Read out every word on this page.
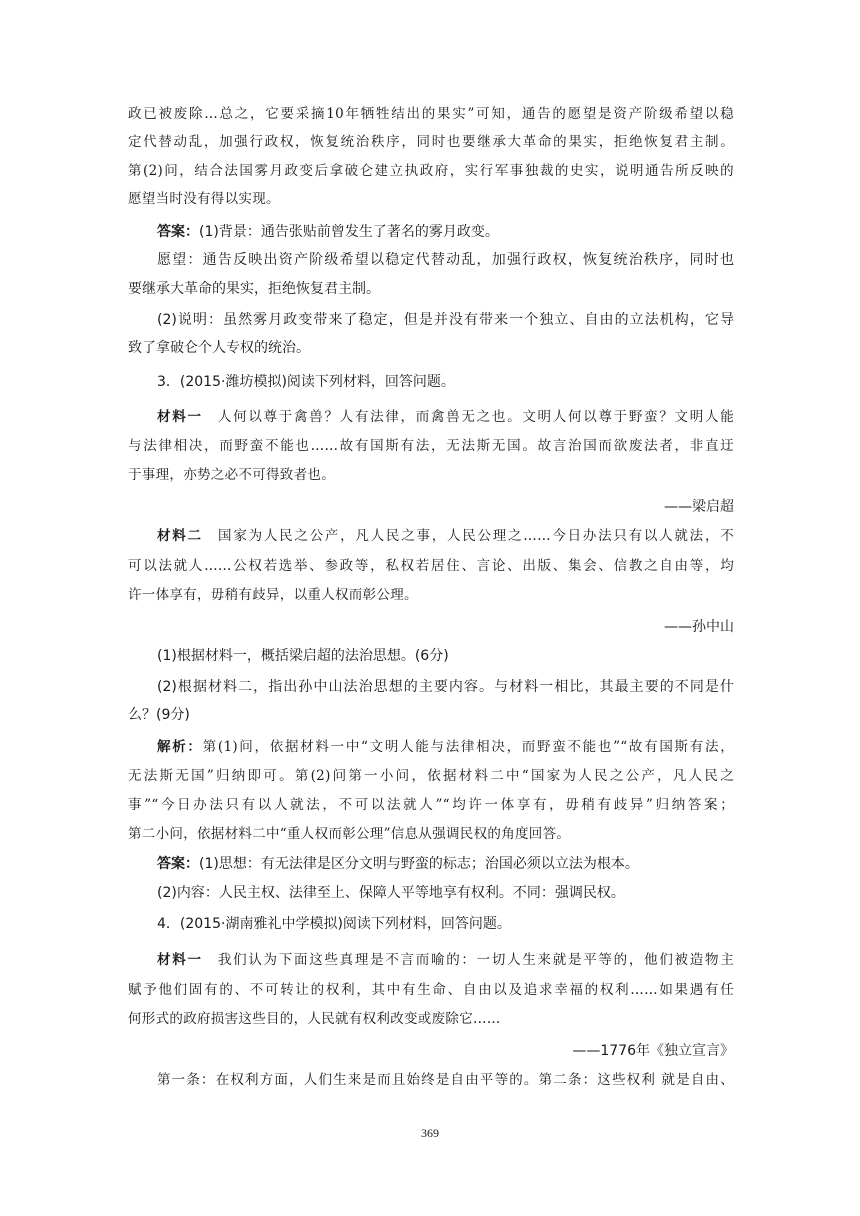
政已被废除…总之，它要采摘10年牺牲结出的果实”可知，通告的愿望是资产阶级希望以稳
定代替动乱，加强行政权，恢复统治秩序，同时也要继承大革命的果实，拒绝恢复君主制。
第(2)问，结合法国雾月政变后拿破仑建立执政府，实行军事独裁的史实，说明通告所反映的
愿望当时没有得以实现。
答案：(1)背景：通告张贴前曾发生了著名的雾月政变。
愿望：通告反映出资产阶级希望以稳定代替动乱，加强行政权，恢复统治秩序，同时也
要继承大革命的果实，拒绝恢复君主制。
(2)说明：虽然雾月政变带来了稳定，但是并没有带来一个独立、自由的立法机构，它导
致了拿破仑个人专权的统治。
3．(2015·潍坊模拟)阅读下列材料，回答问题。
材料一　人何以尊于禽兽？人有法律，而禽兽无之也。文明人何以尊于野蛮？文明人能
与法律相决，而野蛮不能也……故有国斯有法，无法斯无国。故言治国而欲废法者，非直迂
于事理，亦势之必不可得致者也。
——梁启超
材料二　国家为人民之公产，凡人民之事，人民公理之……今日办法只有以人就法，不
可以法就人……公权若选举、参政等，私权若居住、言论、出版、集会、信教之自由等，均
许一体享有，毋稍有歧异，以重人权而彰公理。
——孙中山
(1)根据材料一，概括梁启超的法治思想。(6分)
(2)根据材料二，指出孙中山法治思想的主要内容。与材料一相比，其最主要的不同是什
么？(9分)
解析：第(1)问，依据材料一中“文明人能与法律相决，而野蛮不能也”“故有国斯有法，
无法斯无国”归纳即可。第(2)问第一小问，依据材料二中“国家为人民之公产，凡人民之
事”“今日办法只有以人就法，不可以法就人”“均许一体享有，毋稍有歧异”归纳答案；
第二小问，依据材料二中“重人权而彰公理”信息从强调民权的角度回答。
答案：(1)思想：有无法律是区分文明与野蛮的标志；治国必须以立法为根本。
(2)内容：人民主权、法律至上、保障人平等地享有权利。不同：强调民权。
4．(2015·湖南雅礼中学模拟)阅读下列材料，回答问题。
材料一　我们认为下面这些真理是不言而喻的：一切人生来就是平等的，他们被造物主
赋予他们固有的、不可转让的权利，其中有生命、自由以及追求幸福的权利……如果遇有任
何形式的政府损害这些目的，人民就有权利改变或废除它……
——1776年《独立宣言》
第一条：在权利方面，人们生来是而且始终是自由平等的。第二条：这些权利 就是自由、
369
